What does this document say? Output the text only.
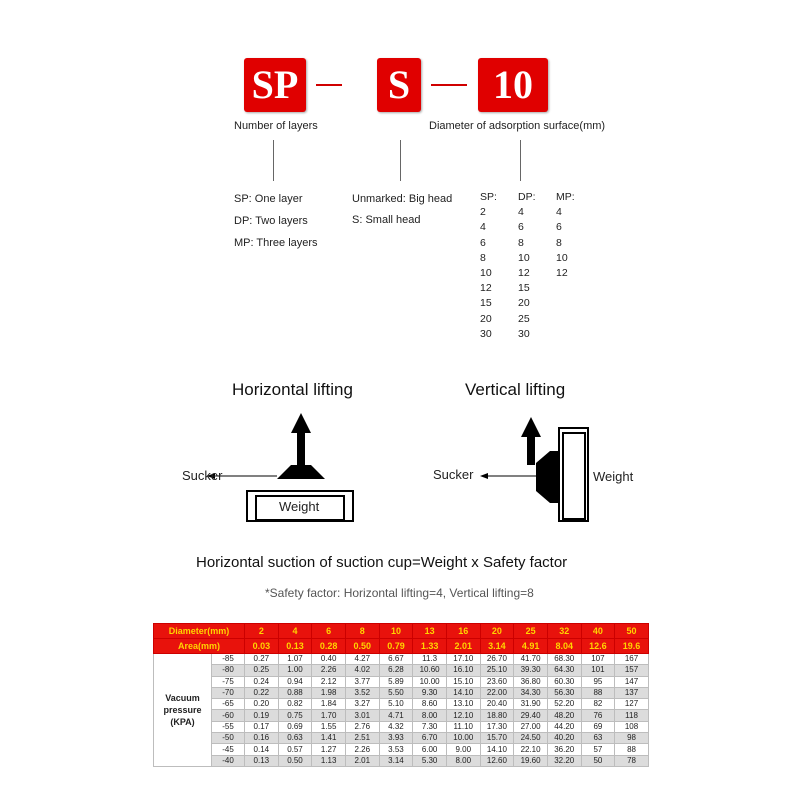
SP S	10
Number of layers	Diameter of adsorption surface(mm)
SP: One layer
DP: Two layers
MP: Three layers
Unmarked: Big head
S: Small head
SP:
2
4
6
8
10
12
15
20
30
DP:
4
6
8
10
12
15
20
25
30
MP:
4
6
8
10
12
Horizontal lifting
Sucker
Weight
Vertical lifting
Sucker	Weight
Horizontal suction of suction cup=Weight x Safety factor
*Safety factor: Horizontal lifting=4, Vertical lifting=8
Diameter(mm)		2	4	6	8	10	13	16	20	25	32	40	50
Area(mm)		0.03	0.13	0.28	0.50	0.79	1.33	2.01	3.14	4.91	8.04	12.6	19.6
Vacuum pressure (KPA)	-85	0.27	1.07	0.40	4.27	6.67	11.3	17.10	26.70	41.70	68.30	107	167
	-80	0.25	1.00	2.26	4.02	6.28	10.60	16.10	25.10	39.30	64.30	101	157
	-75	0.24	0.94	2.12	3.77	5.89	10.00	15.10	23.60	36.80	60.30	95	147
	-70	0.22	0.88	1.98	3.52	5.50	9.30	14.10	22.00	34.30	56.30	88	137
	-65	0.20	0.82	1.84	3.27	5.10	8.60	13.10	20.40	31.90	52.20	82	127
	-60	0.19	0.75	1.70	3.01	4.71	8.00	12.10	18.80	29.40	48.20	76	118
	-55	0.17	0.69	1.55	2.76	4.32	7.30	11.10	17.30	27.00	44.20	69	108
	-50	0.16	0.63	1.41	2.51	3.93	6.70	10.00	15.70	24.50	40.20	63	98
	-45	0.14	0.57	1.27	2.26	3.53	6.00	9.00	14.10	22.10	36.20	57	88
	-40	0.13	0.50	1.13	2.01	3.14	5.30	8.00	12.60	19.60	32.20	50	78
